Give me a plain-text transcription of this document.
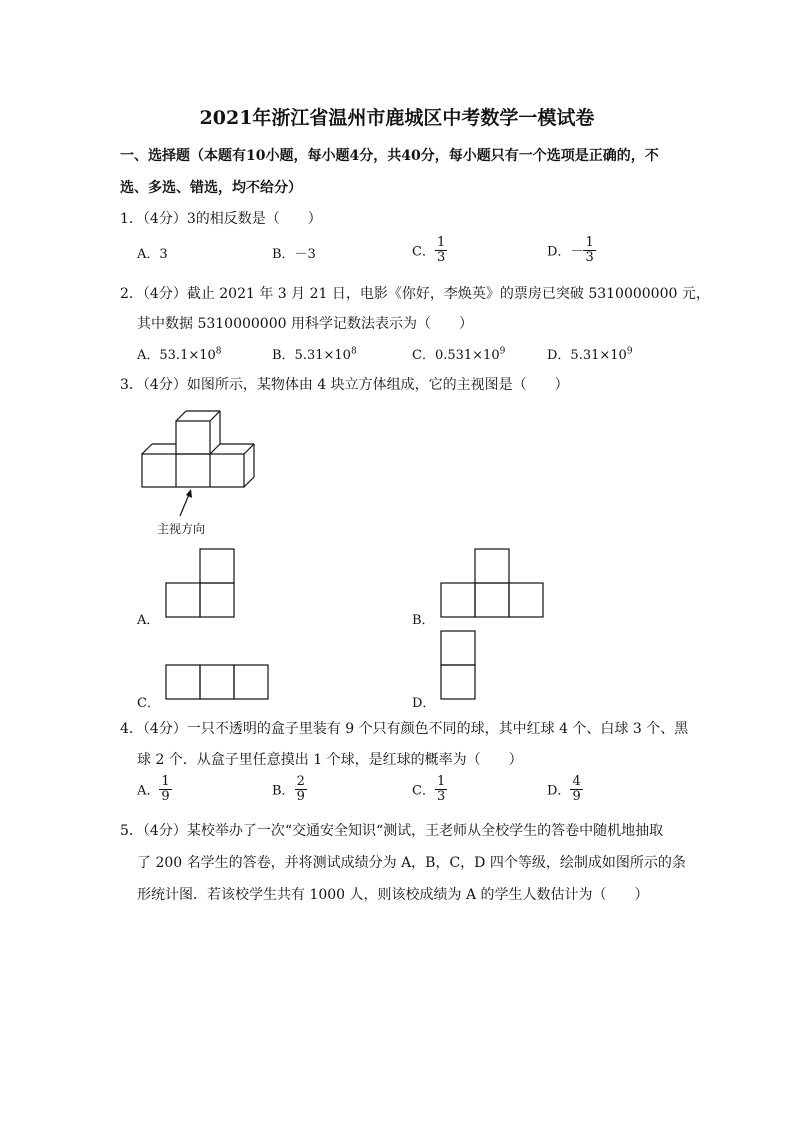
2021年浙江省温州市鹿城区中考数学一模试卷
一、选择题（本题有10小题，每小题4分，共40分，每小题只有一个选项是正确的，不
选、多选、错选，均不给分）
1．（4分）3的相反数是（　　）
A．3	B．－3	C． $\frac{1}{3}$	D．－ $\frac{1}{3}$
2．（4分）截止 2021 年 3 月 21 日，电影《你好，李焕英》的票房已突破 5310000000 元，
其中数据 5310000000 用科学记数法表示为（　　）
A．$53.1\times 10^8$	B．$5.31\times 10^8$	C．$0.531\times 10^9$	D．$5.31\times 10^9$
3．（4分）如图所示，某物体由 4 块立方体组成，它的主视图是（　　）
主视方向
A．	B．
C．	D．
4．（4分）一只不透明的盒子里装有 9 个只有颜色不同的球，其中红球 4 个、白球 3 个、黑
球 2 个．从盒子里任意摸出 1 个球，是红球的概率为（　　）
A． $\frac{1}{9}$	B． $\frac{2}{9}$	C． $\frac{1}{3}$	D． $\frac{4}{9}$
5．（4分）某校举办了一次“交通安全知识“测试，王老师从全校学生的答卷中随机地抽取
了 200 名学生的答卷，并将测试成绩分为 A，B，C，D 四个等级，绘制成如图所示的条
形统计图．若该校学生共有 1000 人，则该校成绩为 A 的学生人数估计为（　　）
